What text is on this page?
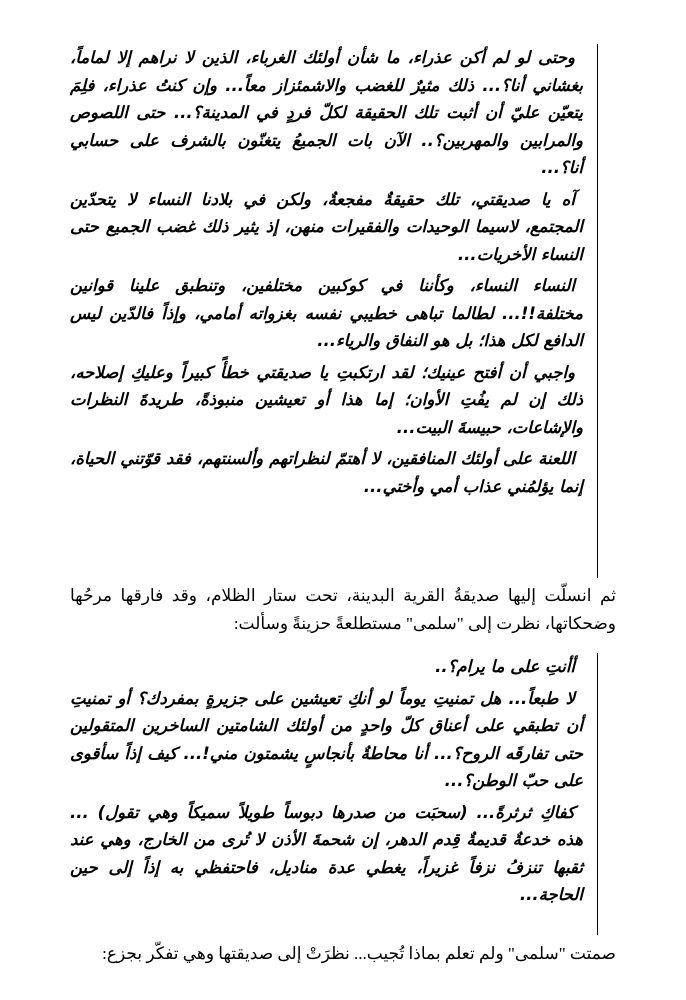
وحتى لو لم أكن عذراء، ما شأن أولئك الغرباء، الذين لا نراهم إلا لماماً، بغشاني أنا؟... ذلك مثيرٌ للغضب والاشمئزاز معاً... وإن كنتُ عذراء، فلِمَ يتعيّن عليّ أن أثبت تلك الحقيقة لكلّ فردٍ في المدينة؟... حتى اللصوص والمرابين والمهربين؟.. الآن بات الجميعُ يتغنّون بالشرف على حسابي أنا؟...

آه يا صديقتي، تلك حقيقةٌ مفجعةٌ، ولكن في بلادنا النساء لا يتحدّين المجتمع، لاسيما الوحيدات والفقيرات منهن، إذ يثير ذلك غضب الجميع حتى النساء الأخريات...

النساء النساء، وكأننا في كوكبين مختلفين، وتنطبق علينا قوانين مختلفة!!... لطالما تباهى خطيبي نفسه بغزواته أمامي، وإذاً فالدّين ليس الدافع لكل هذا؛ بل هو النفاق والرياء...

واجبي أن أفتح عينيك؛ لقد ارتكبتِ يا صديقتي خطأً كبيراً وعليكِ إصلاحه، ذلك إن لم يفُتِ الأوان؛ إما هذا أو تعيشين منبوذةً، طريدةَ النظرات والإشاعات، حبيسةَ البيت...

اللعنة على أولئك المنافقين، لا أهتمّ لنظراتهم وألسنتهم، فقد قوّتني الحياة، إنما يؤلمُني عذاب أمي وأختي...

ثم انسلّت إليها صديقةُ القرية البدينة، تحت ستار الظلام، وقد فارقها مرحُها وضحكاتها، نظرت إلى "سلمى" مستطلعةً حزينةً وسألت:

أأنتِ على ما يرام؟..

لا طبعاً... هل تمنيتِ يوماً لو أنكِ تعيشين على جزيرةٍ بمفردك؟ أو تمنيتِ أن تطبقي على أعناق كلّ واحدٍ من أولئك الشامتين الساخرين المتقولين حتى تفارقَه الروح؟... أنا محاطةٌ بأنجاسٍ يشمتون مني!... كيف إذاً سأقوى على حبّ الوطن؟...

كفاكِ ثرثرةً... (سحبَت من صدرها دبوساً طويلاً سميكاً وهي تقول) ... هذه خدعةٌ قديمةٌ قِدم الدهر، إن شحمةَ الأذن لا تُرى من الخارج، وهي عند ثقبها تنزفُ نزفاً غزيراً، يغطي عدة مناديل، فاحتفظي به إذاً إلى حين الحاجة...

صمتت "سلمى" ولم تعلم بماذا تُجيب... نظرَتْ إلى صديقتها وهي تفكّر بجزع:
